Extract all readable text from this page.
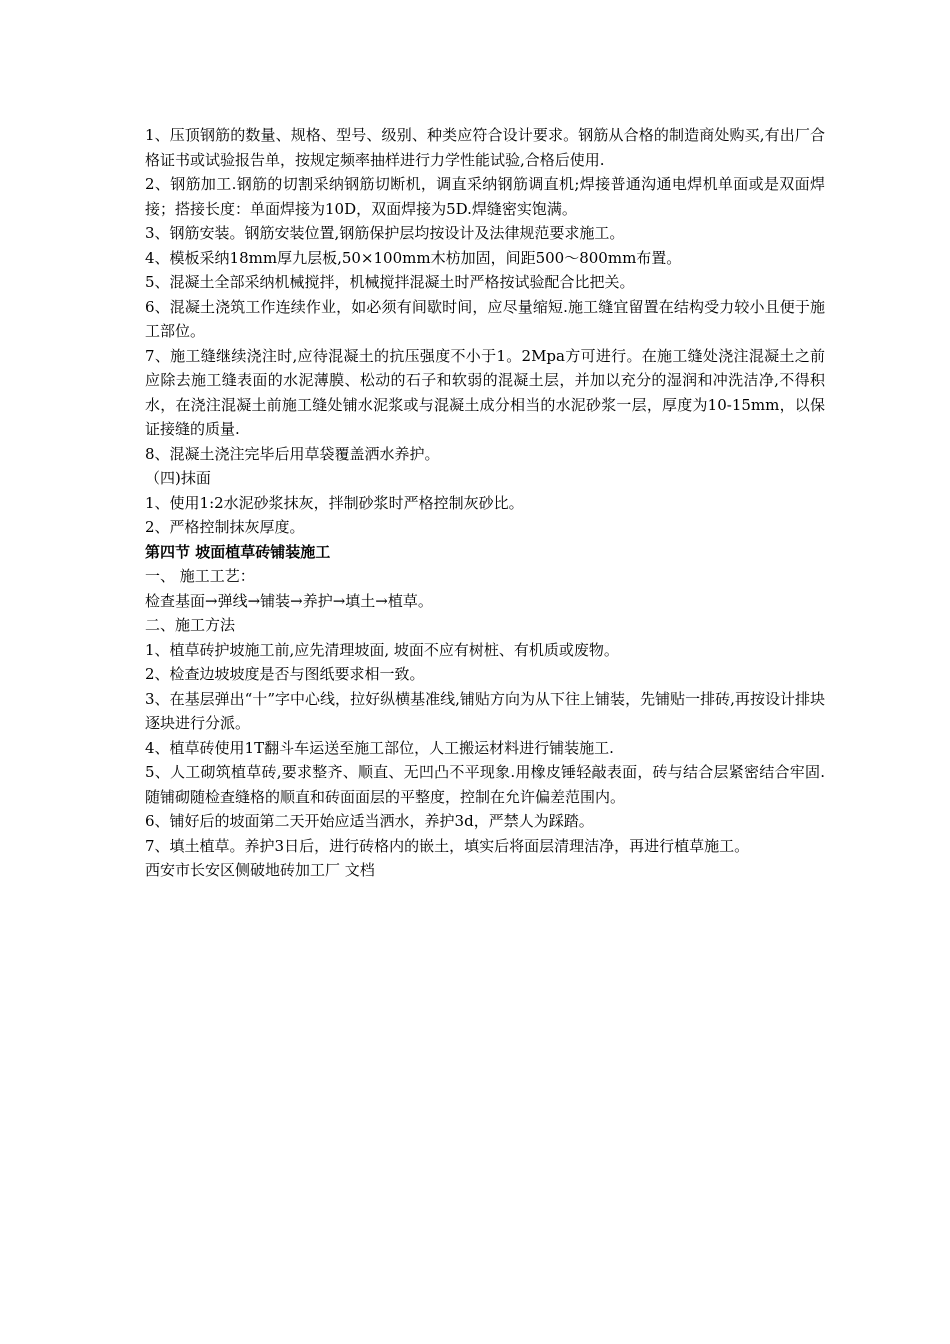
1、压顶钢筋的数量、规格、型号、级别、种类应符合设计要求。钢筋从合格的制造商处购买,有出厂合格证书或试验报告单，按规定频率抽样进行力学性能试验,合格后使用.

2、钢筋加工.钢筋的切割采纳钢筋切断机，调直采纳钢筋调直机;焊接普通沟通电焊机单面或是双面焊接；搭接长度：单面焊接为10D，双面焊接为5D.焊缝密实饱满。

3、钢筋安装。钢筋安装位置,钢筋保护层均按设计及法律规范要求施工。

4、模板采纳18mm厚九层板,50×100mm木枋加固，间距500～800mm布置。

5、混凝土全部采纳机械搅拌，机械搅拌混凝土时严格按试验配合比把关。

6、混凝土浇筑工作连续作业，如必须有间歇时间，应尽量缩短.施工缝宜留置在结构受力较小且便于施工部位。

7、施工缝继续浇注时,应待混凝土的抗压强度不小于1。2Mpa方可进行。在施工缝处浇注混凝土之前应除去施工缝表面的水泥薄膜、松动的石子和软弱的混凝土层，并加以充分的湿润和冲洗洁净,不得积水，在浇注混凝土前施工缝处铺水泥浆或与混凝土成分相当的水泥砂浆一层，厚度为10-15mm，以保证接缝的质量.

8、混凝土浇注完毕后用草袋覆盖洒水养护。

（四)抹面

1、使用1:2水泥砂浆抹灰，拌制砂浆时严格控制灰砂比。

2、严格控制抹灰厚度。

第四节 坡面植草砖铺装施工

一、 施工工艺：

检查基面→弹线→铺装→养护→填土→植草。

二、施工方法

1、植草砖护坡施工前,应先清理坡面, 坡面不应有树桩、有机质或废物。

2、检查边坡坡度是否与图纸要求相一致。

3、在基层弹出“十”字中心线，拉好纵横基准线,铺贴方向为从下往上铺装，先铺贴一排砖,再按设计排块逐块进行分派。

4、植草砖使用1T翻斗车运送至施工部位，人工搬运材料进行铺装施工.

5、人工砌筑植草砖,要求整齐、顺直、无凹凸不平现象.用橡皮锤轻敲表面，砖与结合层紧密结合牢固.随铺砌随检查缝格的顺直和砖面面层的平整度，控制在允许偏差范围内。

6、铺好后的坡面第二天开始应适当洒水，养护3d，严禁人为踩踏。

7、填土植草。养护3日后，进行砖格内的嵌土，填实后将面层清理洁净，再进行植草施工。

西安市长安区侧破地砖加工厂 文档
